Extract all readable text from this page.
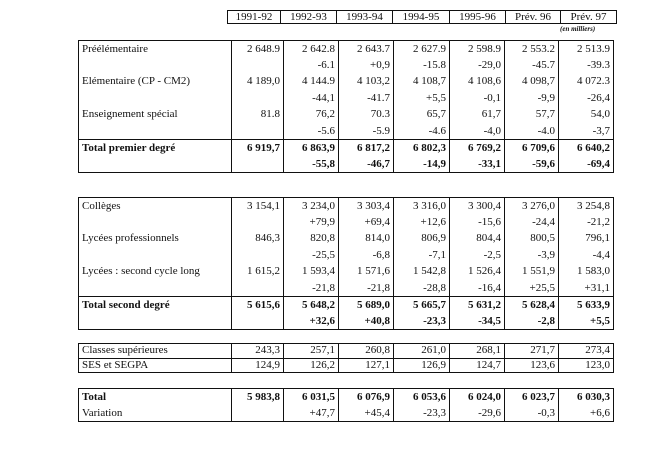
1991-92	1992-93	1993-94	1994-95	1995-96	Prév. 96	Prév. 97
(en milliers)
Préélémentaire	2 648.9	2 642.8	2 643.7	2 627.9	2 598.9	2 553.2	2 513.9
		-6.1	+0,9	-15.8	-29,0	-45.7	-39.3
Elémentaire (CP - CM2)	4 189,0	4 144.9	4 103,2	4 108,7	4 108,6	4 098,7	4 072.3
		-44,1	-41.7	+5,5	-0,1	-9,9	-26,4
Enseignement spécial	81.8	76,2	70.3	65,7	61,7	57,7	54,0
		-5.6	-5.9	-4.6	-4,0	-4.0	-3,7
Total premier degré	6 919,7	6 863,9	6 817,2	6 802,3	6 769,2	6 709,6	6 640,2
		-55,8	-46,7	-14,9	-33,1	-59,6	-69,4
Collèges	3 154,1	3 234,0	3 303,4	3 316,0	3 300,4	3 276,0	3 254,8
		+79,9	+69,4	+12,6	-15,6	-24,4	-21,2
Lycées professionnels	846,3	820,8	814,0	806,9	804,4	800,5	796,1
		-25,5	-6,8	-7,1	-2,5	-3,9	-4,4
Lycées : second cycle long	1 615,2	1 593,4	1 571,6	1 542,8	1 526,4	1 551,9	1 583,0
		-21,8	-21,8	-28,8	-16,4	+25,5	+31,1
Total second degré	5 615,6	5 648,2	5 689,0	5 665,7	5 631,2	5 628,4	5 633,9
		+32,6	+40,8	-23,3	-34,5	-2,8	+5,5
Classes supérieures	243,3	257,1	260,8	261,0	268,1	271,7	273,4
SES et SEGPA	124,9	126,2	127,1	126,9	124,7	123,6	123,0
Total	5 983,8	6 031,5	6 076,9	6 053,6	6 024,0	6 023,7	6 030,3
Variation		+47,7	+45,4	-23,3	-29,6	-0,3	+6,6
